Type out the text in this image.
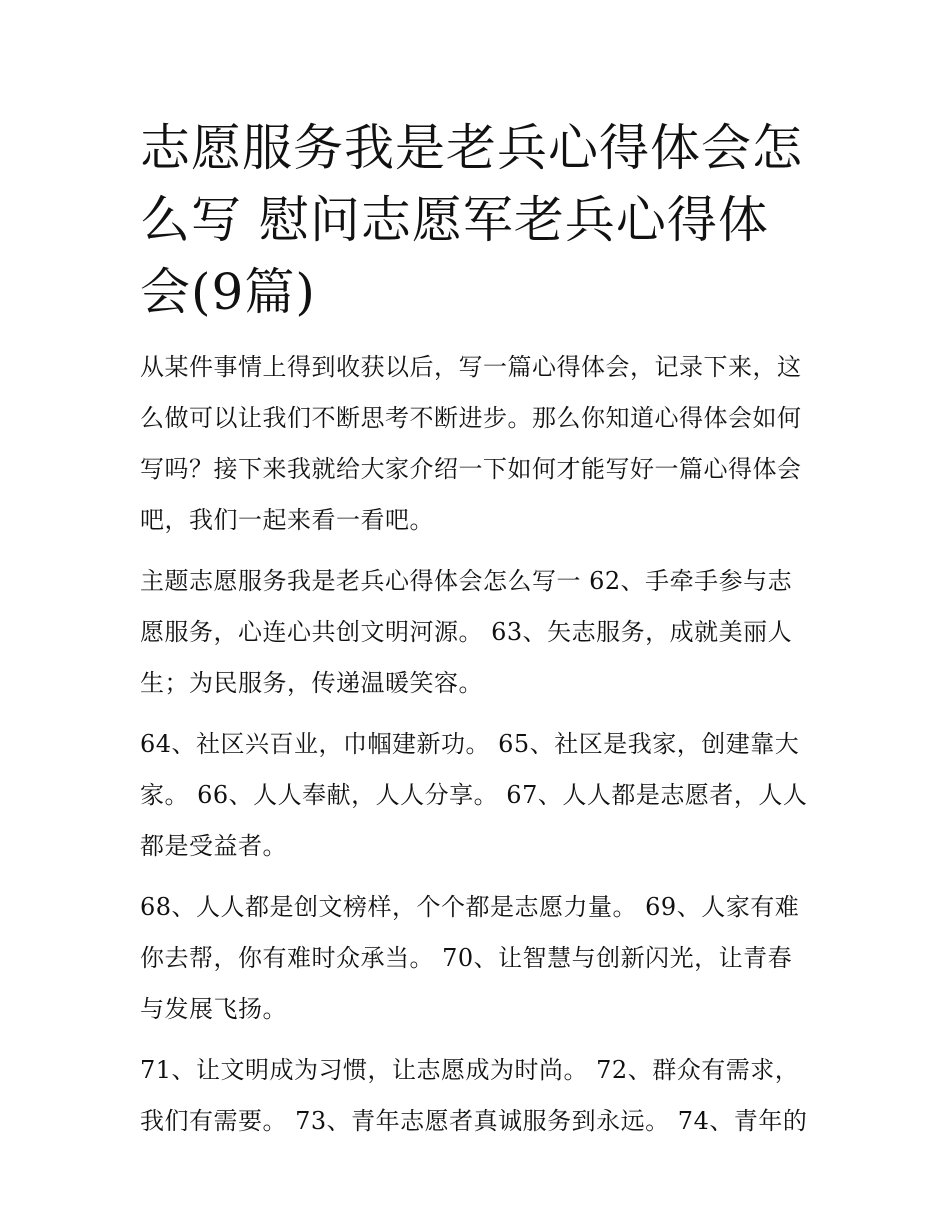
志愿服务我是老兵心得体会怎么写 慰问志愿军老兵心得体会(9篇)

从某件事情上得到收获以后，写一篇心得体会，记录下来，这么做可以让我们不断思考不断进步。那么你知道心得体会如何写吗？接下来我就给大家介绍一下如何才能写好一篇心得体会吧，我们一起来看一看吧。

主题志愿服务我是老兵心得体会怎么写一 62、手牵手参与志愿服务，心连心共创文明河源。 63、矢志服务，成就美丽人生；为民服务，传递温暖笑容。

64、社区兴百业，巾帼建新功。 65、社区是我家，创建靠大家。 66、人人奉献，人人分享。 67、人人都是志愿者，人人都是受益者。

68、人人都是创文榜样，个个都是志愿力量。 69、人家有难你去帮，你有难时众承当。 70、让智慧与创新闪光，让青春与发展飞扬。

71、让文明成为习惯，让志愿成为时尚。 72、群众有需求，我们有需要。 73、青年志愿者真诚服务到永远。 74、青年的
